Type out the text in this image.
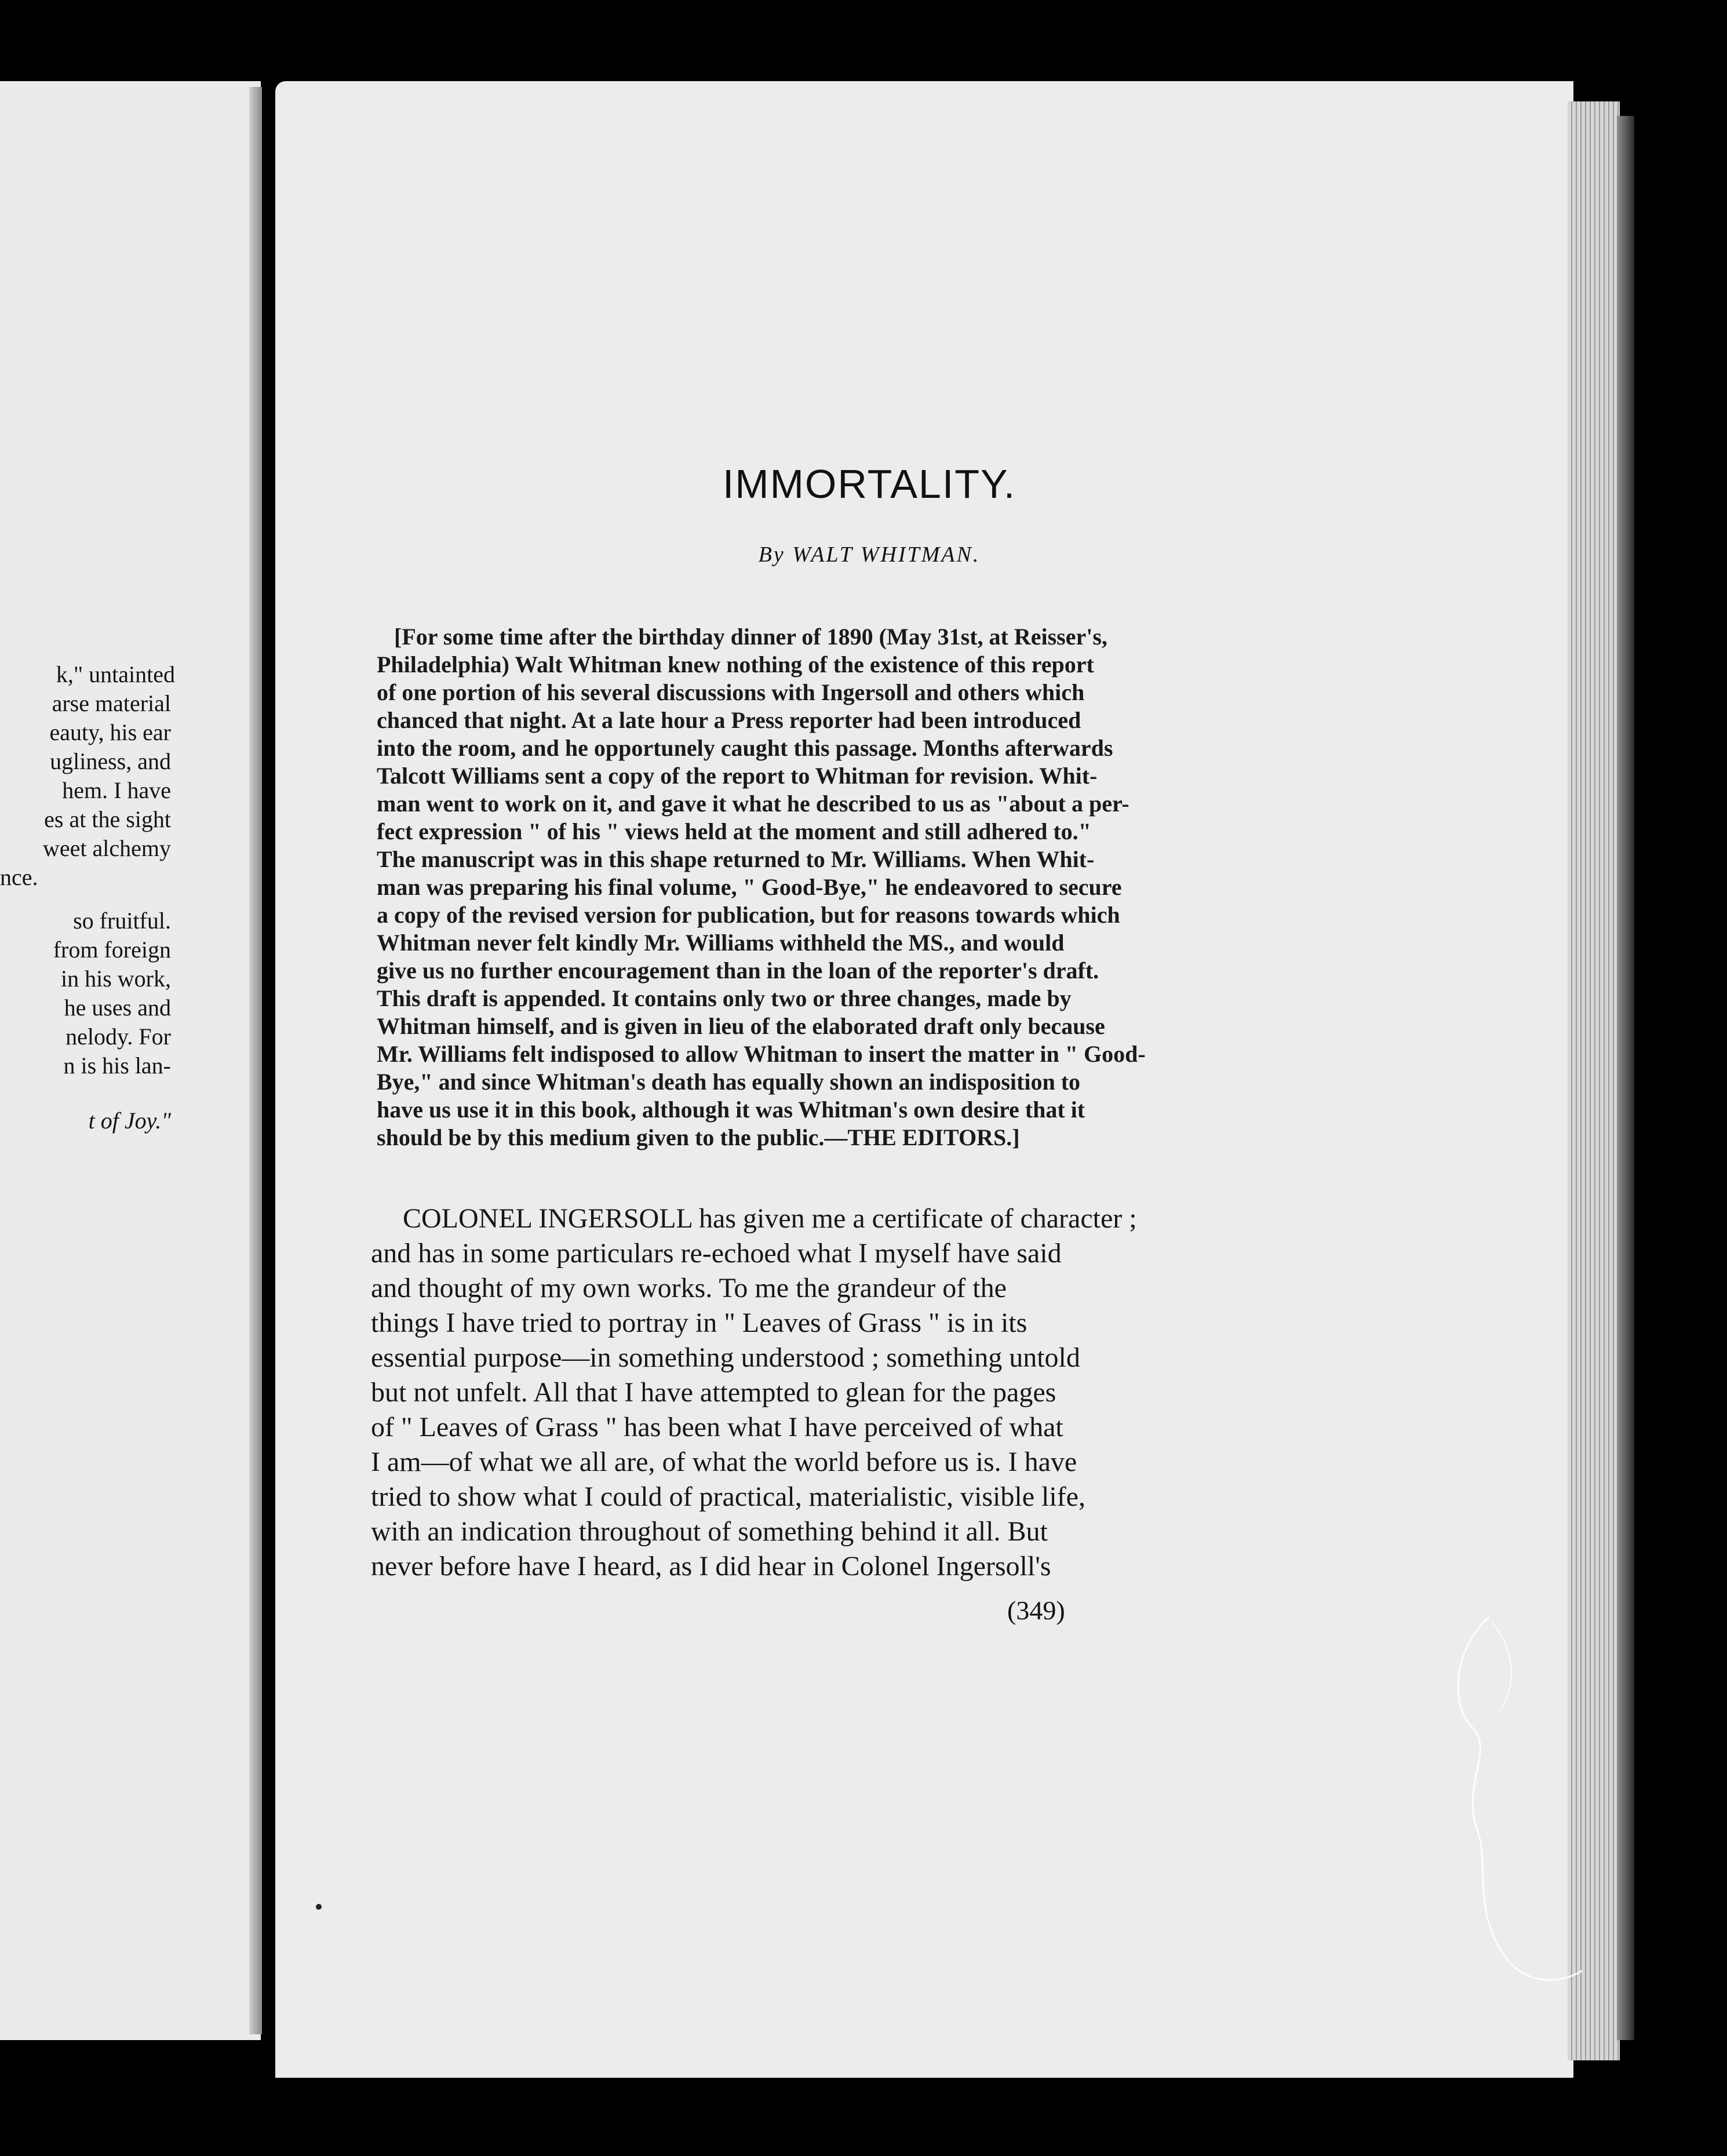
k," untainted
arse material
eauty, his ear
ugliness, and
hem. I have
es at the sight
weet alchemy
nce.
so fruitful.
from foreign
in his work,
he uses and
nelody. For
n is his lan-
t of Joy."
IMMORTALITY.
By WALT WHITMAN.
[For some time after the birthday dinner of 1890 (May 31st, at Reisser's,
Philadelphia) Walt Whitman knew nothing of the existence of this report
of one portion of his several discussions with Ingersoll and others which
chanced that night. At a late hour a Press reporter had been introduced
into the room, and he opportunely caught this passage. Months afterwards
Talcott Williams sent a copy of the report to Whitman for revision. Whit-
man went to work on it, and gave it what he described to us as "about a per-
fect expression " of his " views held at the moment and still adhered to."
The manuscript was in this shape returned to Mr. Williams. When Whit-
man was preparing his final volume, " Good-Bye," he endeavored to secure
a copy of the revised version for publication, but for reasons towards which
Whitman never felt kindly Mr. Williams withheld the MS., and would
give us no further encouragement than in the loan of the reporter's draft.
This draft is appended. It contains only two or three changes, made by
Whitman himself, and is given in lieu of the elaborated draft only because
Mr. Williams felt indisposed to allow Whitman to insert the matter in " Good-
Bye," and since Whitman's death has equally shown an indisposition to
have us use it in this book, although it was Whitman's own desire that it
should be by this medium given to the public.—THE EDITORS.]
COLONEL INGERSOLL has given me a certificate of character ;
and has in some particulars re-echoed what I myself have said
and thought of my own works. To me the grandeur of the
things I have tried to portray in " Leaves of Grass " is in its
essential purpose—in something understood ; something untold
but not unfelt. All that I have attempted to glean for the pages
of " Leaves of Grass " has been what I have perceived of what
I am—of what we all are, of what the world before us is. I have
tried to show what I could of practical, materialistic, visible life,
with an indication throughout of something behind it all. But
never before have I heard, as I did hear in Colonel Ingersoll's
(349)
